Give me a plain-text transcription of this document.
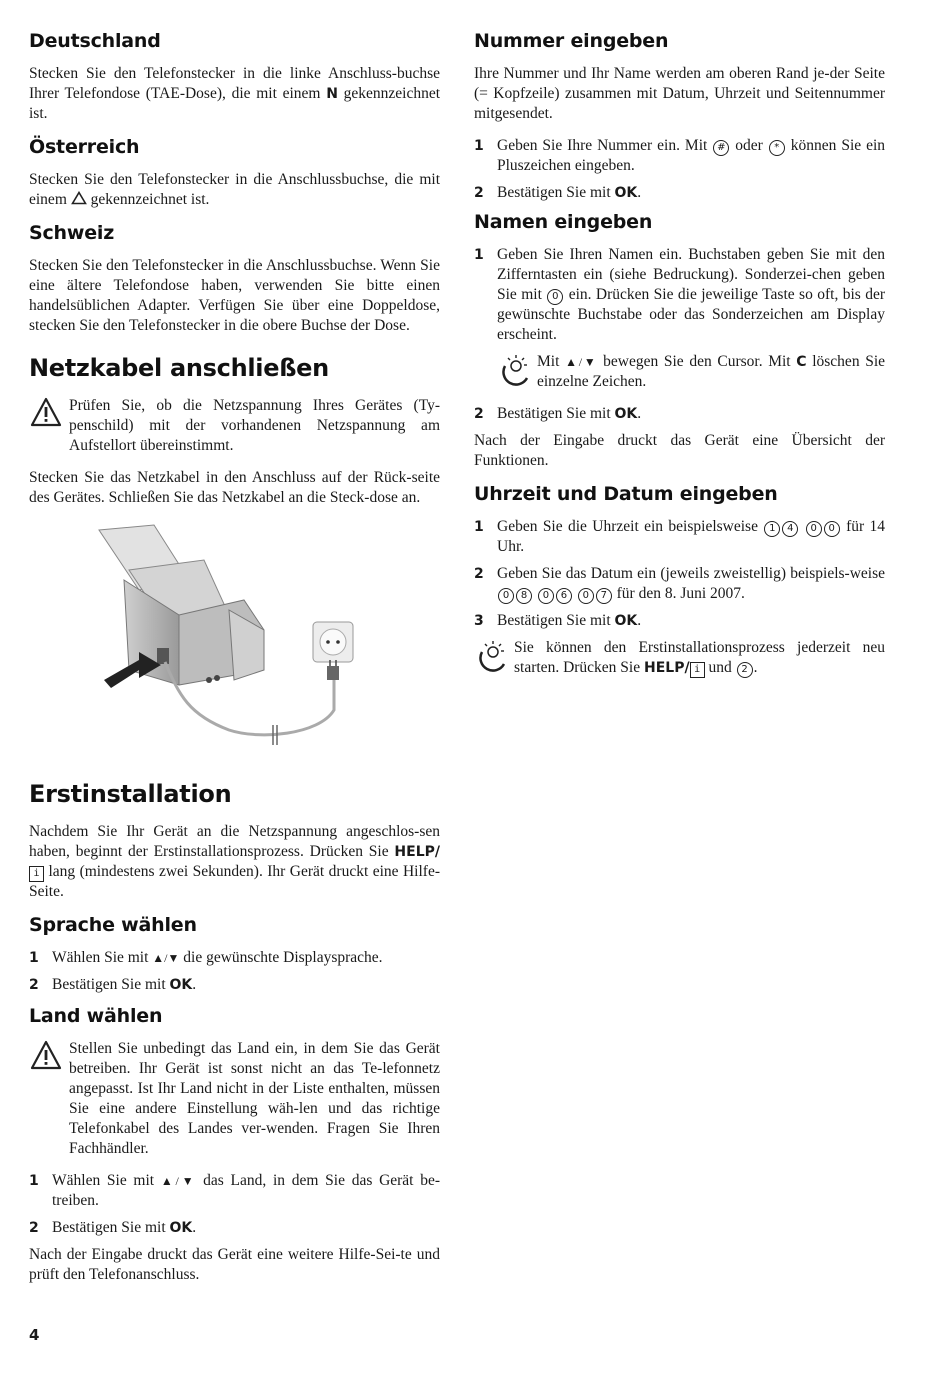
Deutschland

Stecken Sie den Telefonstecker in die linke Anschluss-buchse Ihrer Telefondose (TAE-Dose), die mit einem N gekennzeichnet ist.

Österreich

Stecken Sie den Telefonstecker in die Anschlussbuchse, die mit einem gekennzeichnet ist.

Schweiz

Stecken Sie den Telefonstecker in die Anschlussbuchse. Wenn Sie eine ältere Telefondose haben, verwenden Sie bitte einen handelsüblichen Adapter. Verfügen Sie über eine Doppeldose, stecken Sie den Telefonstecker in die obere Buchse der Dose.

Netzkabel anschließen
Prüfen Sie, ob die Netzspannung Ihres Gerätes (Ty-penschild) mit der vorhandenen Netzspannung am Aufstellort übereinstimmt.

Stecken Sie das Netzkabel in den Anschluss auf der Rück-seite des Gerätes. Schließen Sie das Netzkabel an die Steck-dose an.

Erstinstallation

Nachdem Sie Ihr Gerät an die Netzspannung angeschlos-sen haben, beginnt der Erstinstallationsprozess. Drücken Sie HELP/i lang (mindestens zwei Sekunden). Ihr Gerät druckt eine Hilfe-Seite.

Sprache wählen
1 Wählen Sie mit ▲/▼ die gewünschte Displaysprache.
2 Bestätigen Sie mit OK.
Land wählen
Stellen Sie unbedingt das Land ein, in dem Sie das Gerät betreiben. Ihr Gerät ist sonst nicht an das Te-lefonnetz angepasst. Ist Ihr Land nicht in der Liste enthalten, müssen Sie eine andere Einstellung wäh-len und das richtige Telefonkabel des Landes ver-wenden. Fragen Sie Ihren Fachhändler.
1 Wählen Sie mit ▲/▼ das Land, in dem Sie das Gerät be-treiben.
2 Bestätigen Sie mit OK.

Nach der Eingabe druckt das Gerät eine weitere Hilfe-Sei-te und prüft den Telefonanschluss.

Nummer eingeben

Ihre Nummer und Ihr Name werden am oberen Rand je-der Seite (= Kopfzeile) zusammen mit Datum, Uhrzeit und Seitennummer mitgesendet.

1 Geben Sie Ihre Nummer ein. Mit # oder * können Sie ein Pluszeichen eingeben.
2 Bestätigen Sie mit OK.
Namen eingeben
1 Geben Sie Ihren Namen ein. Buchstaben geben Sie mit den Zifferntasten ein (siehe Bedruckung). Sonderzei-chen geben Sie mit 0 ein. Drücken Sie die jeweilige Taste so oft, bis der gewünschte Buchstabe oder das Sonderzeichen am Display erscheint.
Mit ▲/▼ bewegen Sie den Cursor. Mit C löschen Sie einzelne Zeichen.
2 Bestätigen Sie mit OK.

Nach der Eingabe druckt das Gerät eine Übersicht der Funktionen.

Uhrzeit und Datum eingeben
1 Geben Sie die Uhrzeit ein beispielsweise 1 4 0 0 für 14 Uhr.
2 Geben Sie das Datum ein (jeweils zweistellig) beispiels-weise 0 8 0 6 0 7 für den 8. Juni 2007.
3 Bestätigen Sie mit OK.
Sie können den Erstinstallationsprozess jederzeit neu starten. Drücken Sie HELP/ i und 2 .
4
